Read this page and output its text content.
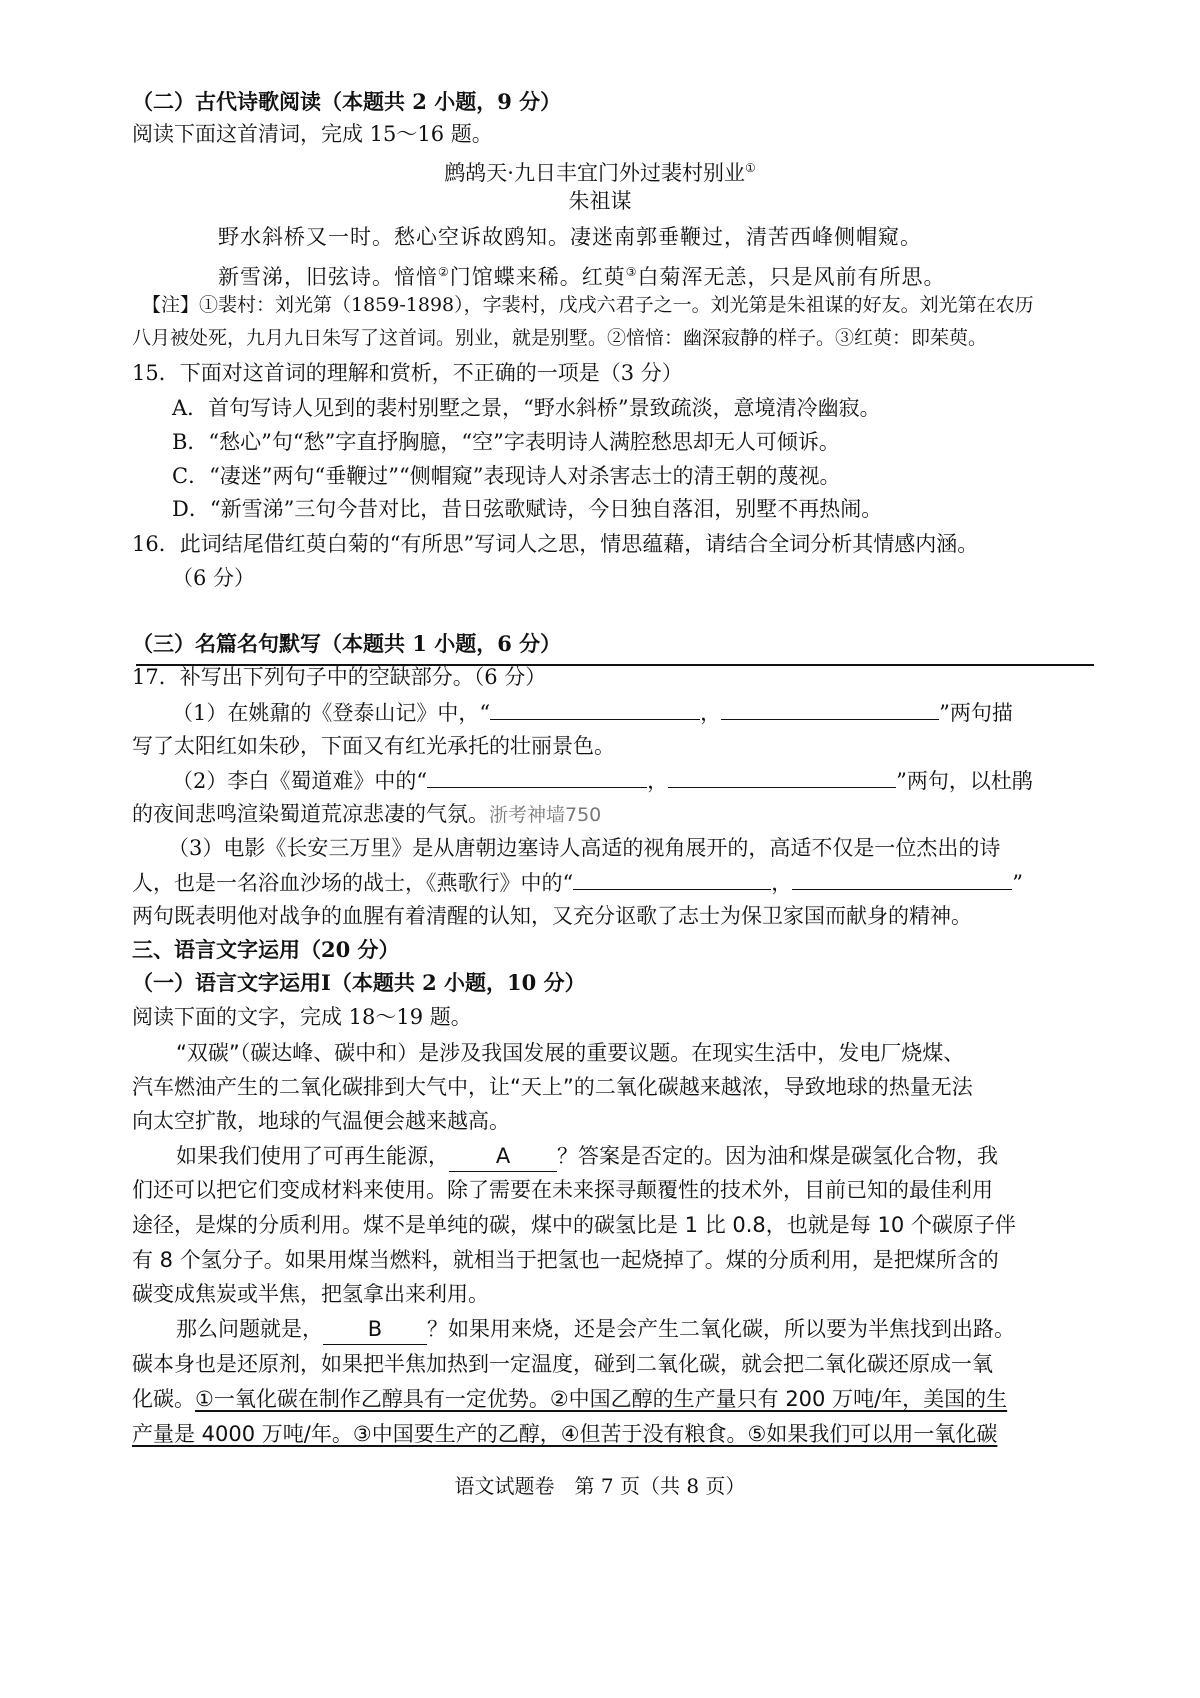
（二）古代诗歌阅读（本题共 2 小题，9 分）
阅读下面这首清词，完成 15～16 题。
鹧鸪天·九日丰宜门外过裴村别业①
朱祖谋
野水斜桥又一时。愁心空诉故鸥知。凄迷南郭垂鞭过，清苦西峰侧帽窥。
新雪涕，旧弦诗。愔愔②门馆蝶来稀。红萸③白菊浑无恙，只是风前有所思。
【注】①裴村：刘光第（1859-1898），字裴村，戊戌六君子之一。刘光第是朱祖谋的好友。刘光第在农历
八月被处死，九月九日朱写了这首词。别业，就是别墅。②愔愔：幽深寂静的样子。③红萸：即茱萸。
15．下面对这首词的理解和赏析，不正确的一项是（3 分）
A．首句写诗人见到的裴村别墅之景，“野水斜桥”景致疏淡，意境清冷幽寂。
B．“愁心”句“愁”字直抒胸臆，“空”字表明诗人满腔愁思却无人可倾诉。
C．“凄迷”两句“垂鞭过”“侧帽窥”表现诗人对杀害志士的清王朝的蔑视。
D．“新雪涕”三句今昔对比，昔日弦歌赋诗，今日独自落泪，别墅不再热闹。
16．此词结尾借红萸白菊的“有所思”写词人之思，情思蕴藉，请结合全词分析其情感内涵。
（6 分）
（三）名篇名句默写（本题共 1 小题，6 分）
17．补写出下列句子中的空缺部分。（6 分）
（1）在姚鼐的《登泰山记》中，“	，	”两句描
写了太阳红如朱砂，下面又有红光承托的壮丽景色。
（2）李白《蜀道难》中的“	，	”两句，以杜鹃
的夜间悲鸣渲染蜀道荒凉悲凄的气氛。浙考神墙750
（3）电影《长安三万里》是从唐朝边塞诗人高适的视角展开的，高适不仅是一位杰出的诗
人，也是一名浴血沙场的战士，《燕歌行》中的“	，	”
两句既表明他对战争的血腥有着清醒的认知，又充分讴歌了志士为保卫家国而献身的精神。
三、语言文字运用（20 分）
（一）语言文字运用Ⅰ（本题共 2 小题，10 分）
阅读下面的文字，完成 18～19 题。
“双碳”（碳达峰、碳中和）是涉及我国发展的重要议题。在现实生活中，发电厂烧煤、
汽车燃油产生的二氧化碳排到大气中，让“天上”的二氧化碳越来越浓，导致地球的热量无法
向太空扩散，地球的气温便会越来越高。
如果我们使用了可再生能源， A ？答案是否定的。因为油和煤是碳氢化合物，我
们还可以把它们变成材料来使用。除了需要在未来探寻颠覆性的技术外，目前已知的最佳利用
途径，是煤的分质利用。煤不是单纯的碳，煤中的碳氢比是 1 比 0.8，也就是每 10 个碳原子伴
有 8 个氢分子。如果用煤当燃料，就相当于把氢也一起烧掉了。煤的分质利用，是把煤所含的
碳变成焦炭或半焦，把氢拿出来利用。
那么问题就是， B ？如果用来烧，还是会产生二氧化碳，所以要为半焦找到出路。
碳本身也是还原剂，如果把半焦加热到一定温度，碰到二氧化碳，就会把二氧化碳还原成一氧
化碳。①一氧化碳在制作乙醇具有一定优势。②中国乙醇的生产量只有 200 万吨/年，美国的生
产量是 4000 万吨/年。③中国要生产的乙醇，④但苦于没有粮食。⑤如果我们可以用一氧化碳
语文试题卷　第 7 页（共 8 页）
